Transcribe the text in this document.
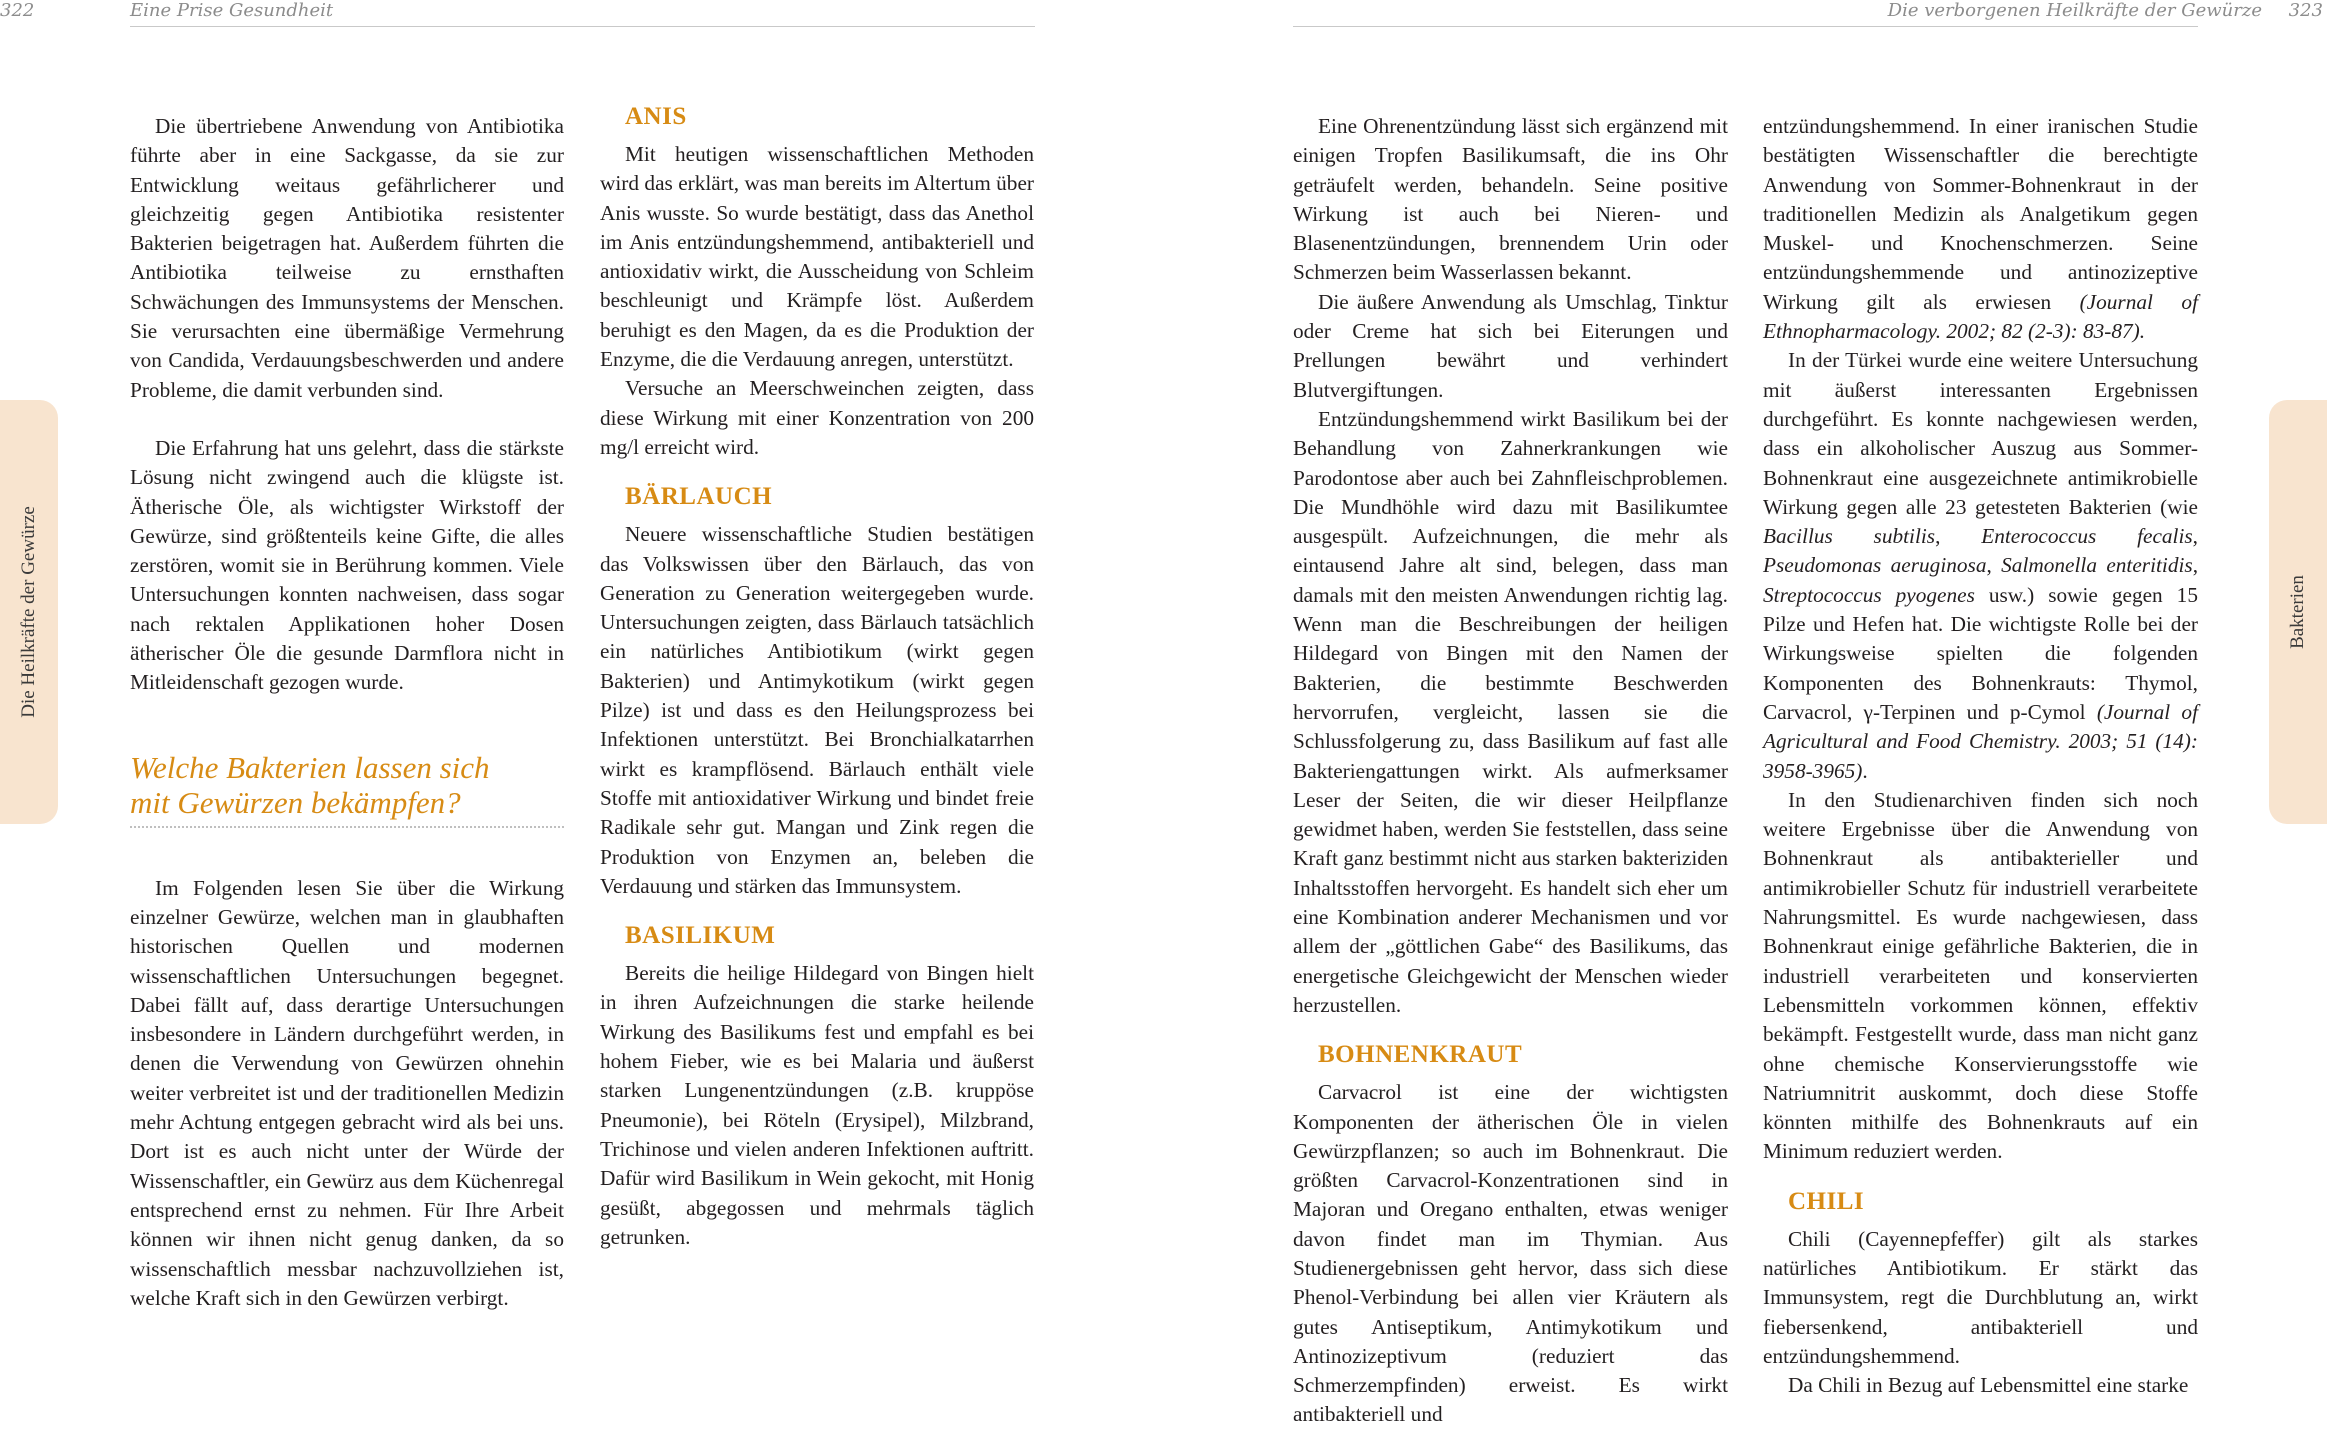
322	Eine Prise Gesundheit
Die Heilkräfte der Gewürze

Die übertriebene Anwendung von Antibiotika führte aber in eine Sackgasse, da sie zur Entwicklung weitaus gefährlicherer und gleichzeitig gegen Antibiotika resistenter Bakterien beigetragen hat. Außerdem führten die Antibiotika teilweise zu ernsthaften Schwächungen des Immunsystems der Menschen. Sie verursachten eine übermäßige Vermehrung von Candida, Verdauungsbeschwerden und andere Probleme, die damit verbunden sind.

Die Erfahrung hat uns gelehrt, dass die stärkste Lösung nicht zwingend auch die klügste ist. Ätherische Öle, als wichtigster Wirkstoff der Gewürze, sind größtenteils keine Gifte, die alles zerstören, womit sie in Berührung kommen. Viele Untersuchungen konnten nachweisen, dass sogar nach rektalen Applikationen hoher Dosen ätherischer Öle die gesunde Darmflora nicht in Mitleidenschaft gezogen wurde.

Welche Bakterien lassen sich
mit Gewürzen bekämpfen?

Im Folgenden lesen Sie über die Wirkung einzelner Gewürze, welchen man in glaubhaften historischen Quellen und modernen wissenschaftlichen Untersuchungen begegnet. Dabei fällt auf, dass derartige Untersuchungen insbesondere in Ländern durchgeführt werden, in denen die Verwendung von Gewürzen ohnehin weiter verbreitet ist und der traditionellen Medizin mehr Achtung entgegen gebracht wird als bei uns. Dort ist es auch nicht unter der Würde der Wissenschaftler, ein Gewürz aus dem Küchenregal entsprechend ernst zu nehmen. Für Ihre Arbeit können wir ihnen nicht genug danken, da so wissenschaftlich messbar nachzuvollziehen ist, welche Kraft sich in den Gewürzen verbirgt.

ANIS

Mit heutigen wissenschaftlichen Methoden wird das erklärt, was man bereits im Altertum über Anis wusste. So wurde bestätigt, dass das Anethol im Anis entzündungshemmend, antibakteriell und antioxidativ wirkt, die Ausscheidung von Schleim beschleunigt und Krämpfe löst. Außerdem beruhigt es den Magen, da es die Produktion der Enzyme, die die Verdauung anregen, unterstützt.

Versuche an Meerschweinchen zeigten, dass diese Wirkung mit einer Konzentration von 200 mg/l erreicht wird.

BÄRLAUCH

Neuere wissenschaftliche Studien bestätigen das Volkswissen über den Bärlauch, das von Generation zu Generation weitergegeben wurde. Untersuchungen zeigten, dass Bärlauch tatsächlich ein natürliches Antibiotikum (wirkt gegen Bakterien) und Antimykotikum (wirkt gegen Pilze) ist und dass es den Heilungsprozess bei Infektionen unterstützt. Bei Bronchialkatarrhen wirkt es krampflösend. Bärlauch enthält viele Stoffe mit antioxidativer Wirkung und bindet freie Radikale sehr gut. Mangan und Zink regen die Produktion von Enzymen an, beleben die Verdauung und stärken das Immunsystem.

BASILIKUM

Bereits die heilige Hildegard von Bingen hielt in ihren Aufzeichnungen die starke heilende Wirkung des Basilikums fest und empfahl es bei hohem Fieber, wie es bei Malaria und äußerst starken Lungenentzündungen (z.B. kruppöse Pneumonie), bei Röteln (Erysipel), Milzbrand, Trichinose und vielen anderen Infektionen auftritt. Dafür wird Basilikum in Wein gekocht, mit Honig gesüßt, abgegossen und mehrmals täglich getrunken.

Die verborgenen Heilkräfte der Gewürze 323
Bakterien

Eine Ohrenentzündung lässt sich ergänzend mit einigen Tropfen Basilikumsaft, die ins Ohr geträufelt werden, behandeln. Seine positive Wirkung ist auch bei Nieren- und Blasenentzündungen, brennendem Urin oder Schmerzen beim Wasserlassen bekannt.

Die äußere Anwendung als Umschlag, Tinktur oder Creme hat sich bei Eiterungen und Prellungen bewährt und verhindert Blutvergiftungen.

Entzündungshemmend wirkt Basilikum bei der Behandlung von Zahnerkrankungen wie Parodontose aber auch bei Zahnfleischproblemen. Die Mundhöhle wird dazu mit Basilikumtee ausgespült. Aufzeichnungen, die mehr als eintausend Jahre alt sind, belegen, dass man damals mit den meisten Anwendungen richtig lag. Wenn man die Beschreibungen der heiligen Hildegard von Bingen mit den Namen der Bakterien, die bestimmte Beschwerden hervorrufen, vergleicht, lassen sie die Schlussfolgerung zu, dass Basilikum auf fast alle Bakteriengattungen wirkt. Als aufmerksamer Leser der Seiten, die wir dieser Heilpflanze gewidmet haben, werden Sie feststellen, dass seine Kraft ganz bestimmt nicht aus starken bakteriziden Inhaltsstoffen hervorgeht. Es handelt sich eher um eine Kombination anderer Mechanismen und vor allem der „göttlichen Gabe“ des Basilikums, das energetische Gleichgewicht der Menschen wieder herzustellen.

BOHNENKRAUT

Carvacrol ist eine der wichtigsten Komponenten der ätherischen Öle in vielen Gewürzpflanzen; so auch im Bohnenkraut. Die größten Carvacrol-Konzentrationen sind in Majoran und Oregano enthalten, etwas weniger davon findet man im Thymian. Aus Studienergebnissen geht hervor, dass sich diese Phenol-Verbindung bei allen vier Kräutern als gutes Antiseptikum, Antimykotikum und Antinozizeptivum (reduziert das Schmerzempfinden) erweist. Es wirkt antibakteriell und

entzündungshemmend. In einer iranischen Studie bestätigten Wissenschaftler die berechtigte Anwendung von Sommer-Bohnenkraut in der traditionellen Medizin als Analgetikum gegen Muskel- und Knochenschmerzen. Seine entzündungshemmende und antinozizeptive Wirkung gilt als erwiesen (Journal of Ethnopharmacology. 2002; 82 (2-3): 83-87).

In der Türkei wurde eine weitere Untersuchung mit äußerst interessanten Ergebnissen durchgeführt. Es konnte nachgewiesen werden, dass ein alkoholischer Auszug aus Sommer-Bohnenkraut eine ausgezeichnete antimikrobielle Wirkung gegen alle 23 getesteten Bakterien (wie Bacillus subtilis, Enterococcus fecalis, Pseudomonas aeruginosa, Salmonella enteritidis, Streptococcus pyogenes usw.) sowie gegen 15 Pilze und Hefen hat. Die wichtigste Rolle bei der Wirkungsweise spielten die folgenden Komponenten des Bohnenkrauts: Thymol, Carvacrol, γ-Terpinen und p-Cymol (Journal of Agricultural and Food Chemistry. 2003; 51 (14): 3958-3965).

In den Studienarchiven finden sich noch weitere Ergebnisse über die Anwendung von Bohnenkraut als antibakterieller und antimikrobieller Schutz für industriell verarbeitete Nahrungsmittel. Es wurde nachgewiesen, dass Bohnenkraut einige gefährliche Bakterien, die in industriell verarbeiteten und konservierten Lebensmitteln vorkommen können, effektiv bekämpft. Festgestellt wurde, dass man nicht ganz ohne chemische Konservierungsstoffe wie Natriumnitrit auskommt, doch diese Stoffe könnten mithilfe des Bohnenkrauts auf ein Minimum reduziert werden.

CHILI

Chili (Cayennepfeffer) gilt als starkes natürliches Antibiotikum. Er stärkt das Immunsystem, regt die Durchblutung an, wirkt fiebersenkend, antibakteriell und entzündungshemmend.

Da Chili in Bezug auf Lebensmittel eine starke
